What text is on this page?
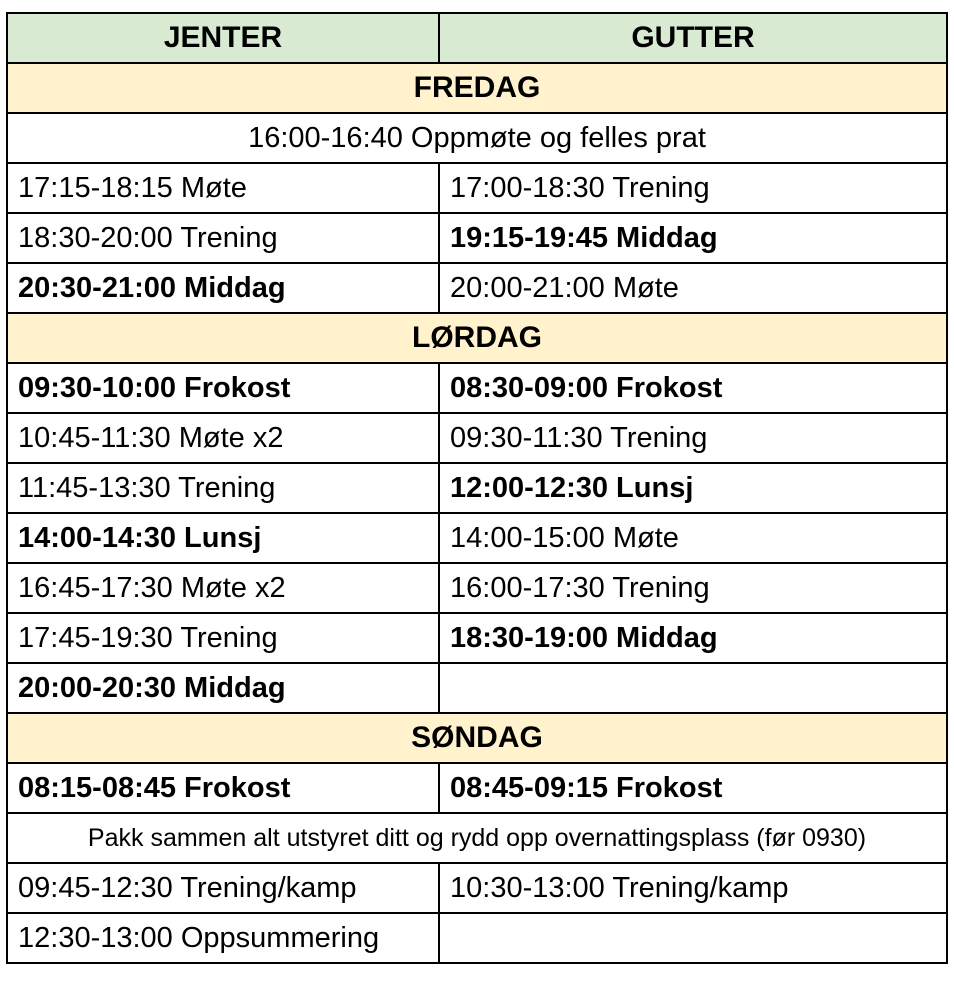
JENTER	GUTTER
FREDAG	
16:00-16:40 Oppmøte og felles prat	
17:15-18:15 Møte	17:00-18:30 Trening
18:30-20:00 Trening	19:15-19:45 Middag
20:30-21:00 Middag	20:00-21:00 Møte
LØRDAG	
09:30-10:00 Frokost	08:30-09:00 Frokost
10:45-11:30 Møte x2	09:30-11:30 Trening
11:45-13:30 Trening	12:00-12:30 Lunsj
14:00-14:30 Lunsj	14:00-15:00 Møte
16:45-17:30 Møte x2	16:00-17:30 Trening
17:45-19:30 Trening	18:30-19:00 Middag
20:00-20:30 Middag	
SØNDAG	
08:15-08:45 Frokost	08:45-09:15 Frokost
Pakk sammen alt utstyret ditt og rydd opp overnattingsplass (før 0930)	
09:45-12:30 Trening/kamp	10:30-13:00 Trening/kamp
12:30-13:00 Oppsummering	
